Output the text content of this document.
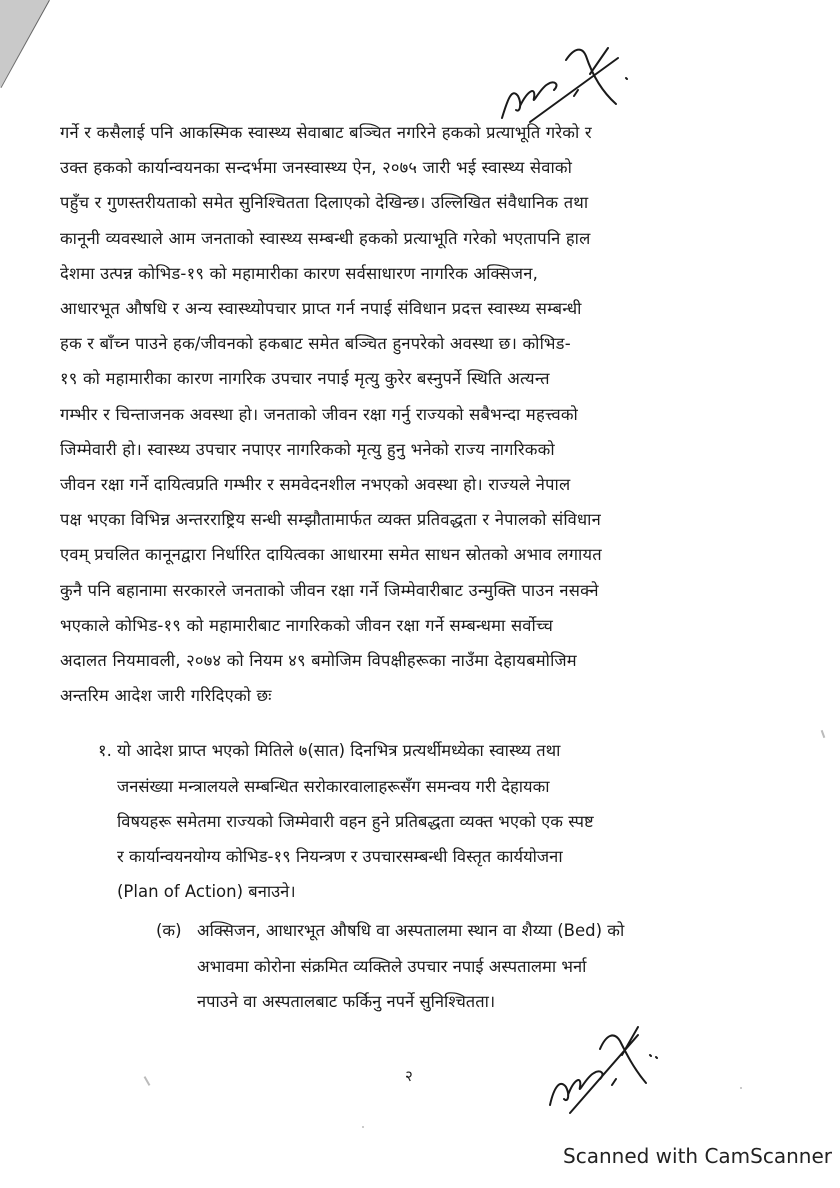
गर्ने र कसैलाई पनि आकस्मिक स्वास्थ्य सेवाबाट बञ्चित नगरिने हकको प्रत्याभूति गरेको र
उक्त हकको कार्यान्वयनका सन्दर्भमा जनस्वास्थ्य ऐन, २०७५ जारी भई स्वास्थ्य सेवाको
पहुँच र गुणस्तरीयताको समेत सुनिश्चितता दिलाएको देखिन्छ। उल्लिखित संवैधानिक तथा
कानूनी व्यवस्थाले आम जनताको स्वास्थ्य सम्बन्धी हकको प्रत्याभूति गरेको भएतापनि हाल
देशमा उत्पन्न कोभिड-१९ को महामारीका कारण सर्वसाधारण नागरिक अक्सिजन,
आधारभूत औषधि र अन्य स्वास्थ्योपचार प्राप्त गर्न नपाई संविधान प्रदत्त स्वास्थ्य सम्बन्धी
हक र बाँच्न पाउने हक/जीवनको हकबाट समेत बञ्चित हुनपरेको अवस्था छ। कोभिड-
१९ को महामारीका कारण नागरिक उपचार नपाई मृत्यु कुरेर बस्नुपर्ने स्थिति अत्यन्त
गम्भीर र चिन्ताजनक अवस्था हो। जनताको जीवन रक्षा गर्नु राज्यको सबैभन्दा महत्त्वको
जिम्मेवारी हो। स्वास्थ्य उपचार नपाएर नागरिकको मृत्यु हुनु भनेको राज्य नागरिकको
जीवन रक्षा गर्ने दायित्वप्रति गम्भीर र समवेदनशील नभएको अवस्था हो। राज्यले नेपाल
पक्ष भएका विभिन्न अन्तरराष्ट्रिय सन्धी सम्झौतामार्फत व्यक्त प्रतिवद्धता र नेपालको संविधान
एवम् प्रचलित कानूनद्वारा निर्धारित दायित्वका आधारमा समेत साधन स्रोतको अभाव लगायत
कुनै पनि बहानामा सरकारले जनताको जीवन रक्षा गर्ने जिम्मेवारीबाट उन्मुक्ति पाउन नसक्ने
भएकाले कोभिड-१९ को महामारीबाट नागरिकको जीवन रक्षा गर्ने सम्बन्धमा सर्वोच्च
अदालत नियमावली, २०७४ को नियम ४९ बमोजिम विपक्षीहरूका नाउँमा देहायबमोजिम
अन्तरिम आदेश जारी गरिदिएको छः
१. यो आदेश प्राप्त भएको मितिले ७(सात) दिनभित्र प्रत्यर्थीमध्येका स्वास्थ्य तथा
जनसंख्या मन्त्रालयले सम्बन्धित सरोकारवालाहरूसँग समन्वय गरी देहायका
विषयहरू समेतमा राज्यको जिम्मेवारी वहन हुने प्रतिबद्धता व्यक्त भएको एक स्पष्ट
र कार्यान्वयनयोग्य कोभिड-१९ नियन्त्रण र उपचारसम्बन्धी विस्तृत कार्ययोजना
(Plan of Action) बनाउने।
(क) अक्सिजन, आधारभूत औषधि वा अस्पतालमा स्थान वा शैय्या (Bed) को
अभावमा कोरोना संक्रमित व्यक्तिले उपचार नपाई अस्पतालमा भर्ना
नपाउने वा अस्पतालबाट फर्किनु नपर्ने सुनिश्चितता।
२
Scanned with CamScanner
